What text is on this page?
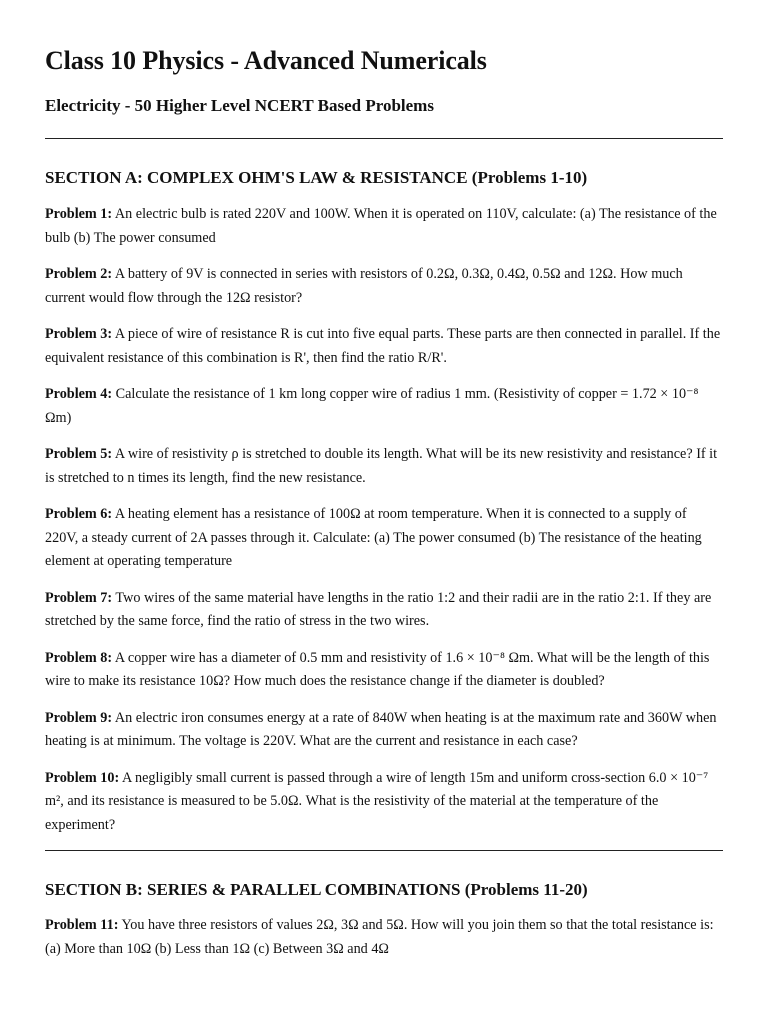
Class 10 Physics - Advanced Numericals
Electricity - 50 Higher Level NCERT Based Problems
SECTION A: COMPLEX OHM'S LAW & RESISTANCE (Problems 1-10)
Problem 1: An electric bulb is rated 220V and 100W. When it is operated on 110V, calculate: (a) The resistance of the bulb (b) The power consumed
Problem 2: A battery of 9V is connected in series with resistors of 0.2Ω, 0.3Ω, 0.4Ω, 0.5Ω and 12Ω. How much current would flow through the 12Ω resistor?
Problem 3: A piece of wire of resistance R is cut into five equal parts. These parts are then connected in parallel. If the equivalent resistance of this combination is R', then find the ratio R/R'.
Problem 4: Calculate the resistance of 1 km long copper wire of radius 1 mm. (Resistivity of copper = 1.72 × 10⁻⁸ Ωm)
Problem 5: A wire of resistivity ρ is stretched to double its length. What will be its new resistivity and resistance? If it is stretched to n times its length, find the new resistance.
Problem 6: A heating element has a resistance of 100Ω at room temperature. When it is connected to a supply of 220V, a steady current of 2A passes through it. Calculate: (a) The power consumed (b) The resistance of the heating element at operating temperature
Problem 7: Two wires of the same material have lengths in the ratio 1:2 and their radii are in the ratio 2:1. If they are stretched by the same force, find the ratio of stress in the two wires.
Problem 8: A copper wire has a diameter of 0.5 mm and resistivity of 1.6 × 10⁻⁸ Ωm. What will be the length of this wire to make its resistance 10Ω? How much does the resistance change if the diameter is doubled?
Problem 9: An electric iron consumes energy at a rate of 840W when heating is at the maximum rate and 360W when heating is at minimum. The voltage is 220V. What are the current and resistance in each case?
Problem 10: A negligibly small current is passed through a wire of length 15m and uniform cross-section 6.0 × 10⁻⁷ m², and its resistance is measured to be 5.0Ω. What is the resistivity of the material at the temperature of the experiment?
SECTION B: SERIES & PARALLEL COMBINATIONS (Problems 11-20)
Problem 11: You have three resistors of values 2Ω, 3Ω and 5Ω. How will you join them so that the total resistance is: (a) More than 10Ω (b) Less than 1Ω (c) Between 3Ω and 4Ω
